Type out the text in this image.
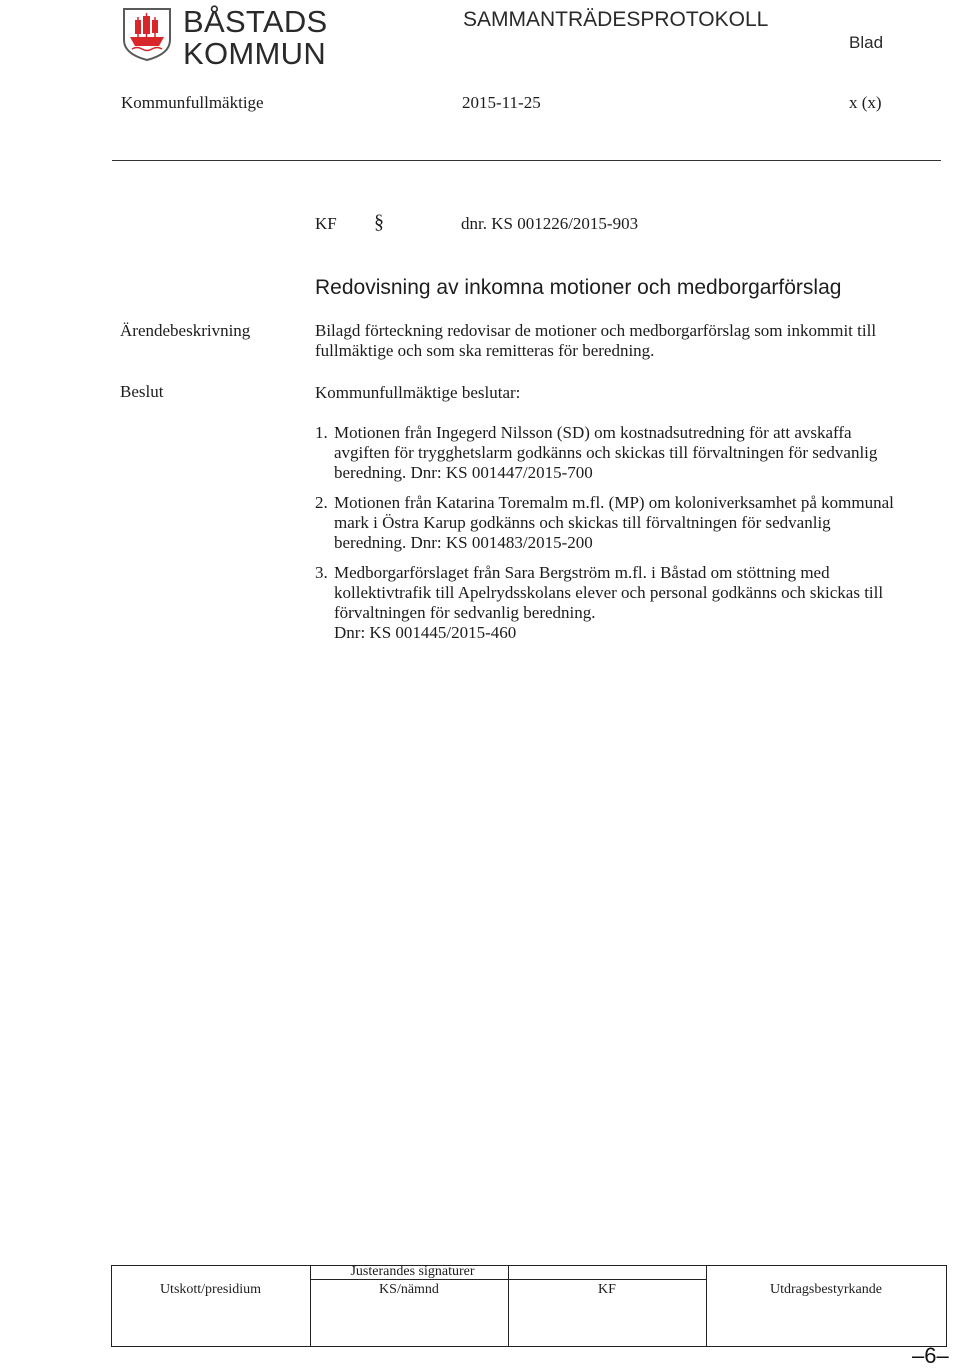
BÅSTADS
KOMMUN
SAMMANTRÄDESPROTOKOLL
Blad
Kommunfullmäktige	2015-11-25	x (x)
KF §	dnr. KS 001226/2015-903
Redovisning av inkomna motioner och medborgarförslag
Ärendebeskrivning	Bilagd förteckning redovisar de motioner och medborgarförslag som inkommit till fullmäktige och som ska remitteras för beredning.
Beslut	Kommunfullmäktige beslutar:
1. Motionen från Ingegerd Nilsson (SD) om kostnadsutredning för att avskaffa avgiften för trygghetslarm godkänns och skickas till förvaltningen för sedvanlig beredning. Dnr: KS 001447/2015-700
2. Motionen från Katarina Toremalm m.fl. (MP) om koloniverksamhet på kommunal mark i Östra Karup godkänns och skickas till förvaltningen för sedvanlig beredning. Dnr: KS 001483/2015-200
3. Medborgarförslaget från Sara Bergström m.fl. i Båstad om stöttning med kollektivtrafik till Apelrydsskolans elever och personal godkänns och skickas till förvaltningen för sedvanlig beredning.
Dnr: KS 001445/2015-460
Justerandes signaturer
Utskott/presidium	KS/nämnd	KF	Utdragsbestyrkande
–6–
